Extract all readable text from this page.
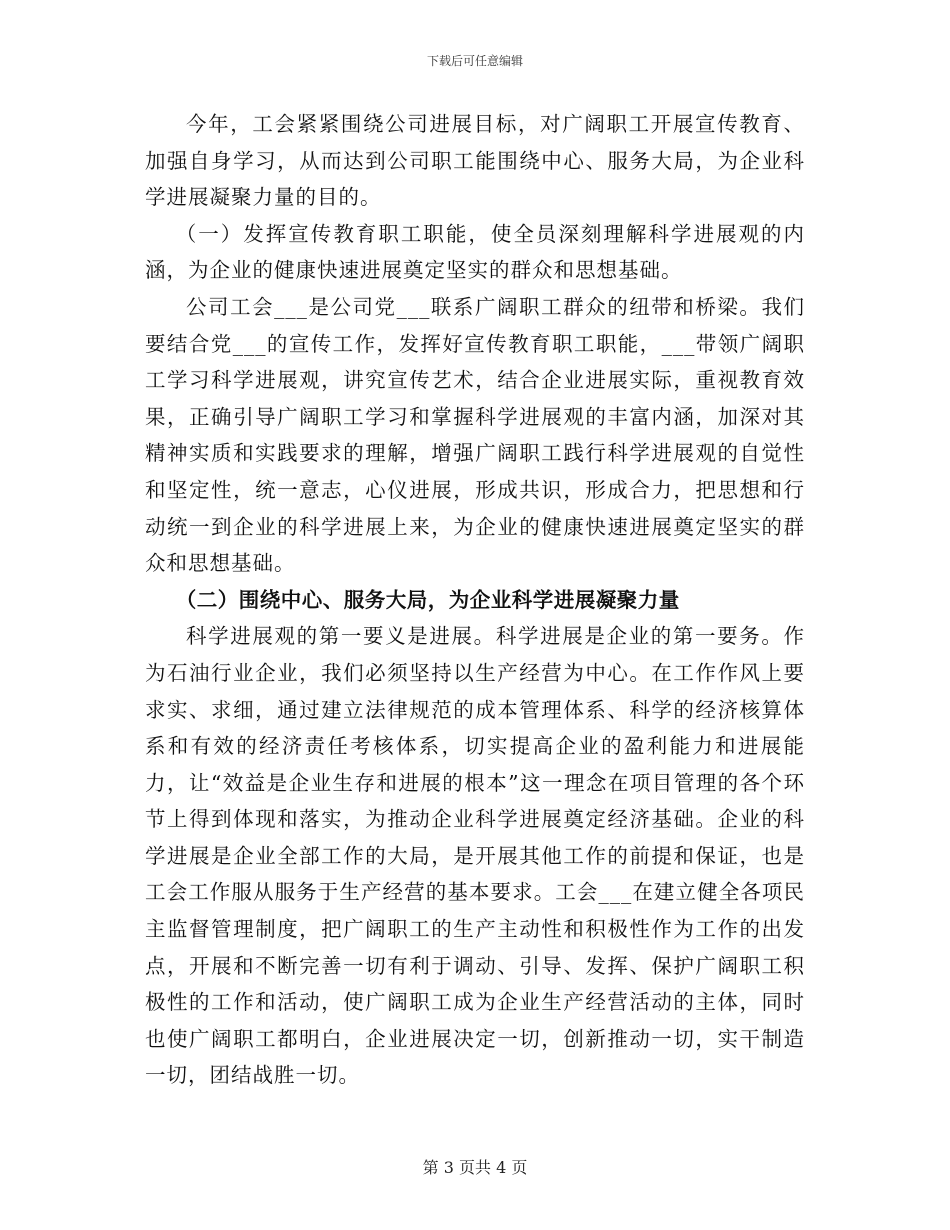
下载后可任意编辑

今年，工会紧紧围绕公司进展目标，对广阔职工开展宣传教育、加强自身学习，从而达到公司职工能围绕中心、服务大局，为企业科学进展凝聚力量的目的。

（一）发挥宣传教育职工职能，使全员深刻理解科学进展观的内涵，为企业的健康快速进展奠定坚实的群众和思想基础。

公司工会___是公司党___联系广阔职工群众的纽带和桥梁。我们要结合党___的宣传工作，发挥好宣传教育职工职能，___带领广阔职工学习科学进展观，讲究宣传艺术，结合企业进展实际，重视教育效果，正确引导广阔职工学习和掌握科学进展观的丰富内涵，加深对其精神实质和实践要求的理解，增强广阔职工践行科学进展观的自觉性和坚定性，统一意志，心仪进展，形成共识，形成合力，把思想和行动统一到企业的科学进展上来，为企业的健康快速进展奠定坚实的群众和思想基础。

（二）围绕中心、服务大局，为企业科学进展凝聚力量

科学进展观的第一要义是进展。科学进展是企业的第一要务。作为石油行业企业，我们必须坚持以生产经营为中心。在工作作风上要求实、求细，通过建立法律规范的成本管理体系、科学的经济核算体系和有效的经济责任考核体系，切实提高企业的盈利能力和进展能力，让“效益是企业生存和进展的根本”这一理念在项目管理的各个环节上得到体现和落实，为推动企业科学进展奠定经济基础。企业的科学进展是企业全部工作的大局，是开展其他工作的前提和保证，也是工会工作服从服务于生产经营的基本要求。工会___在建立健全各项民主监督管理制度，把广阔职工的生产主动性和积极性作为工作的出发点，开展和不断完善一切有利于调动、引导、发挥、保护广阔职工积极性的工作和活动，使广阔职工成为企业生产经营活动的主体，同时也使广阔职工都明白，企业进展决定一切，创新推动一切，实干制造一切，团结战胜一切。

第 3 页共 4 页
